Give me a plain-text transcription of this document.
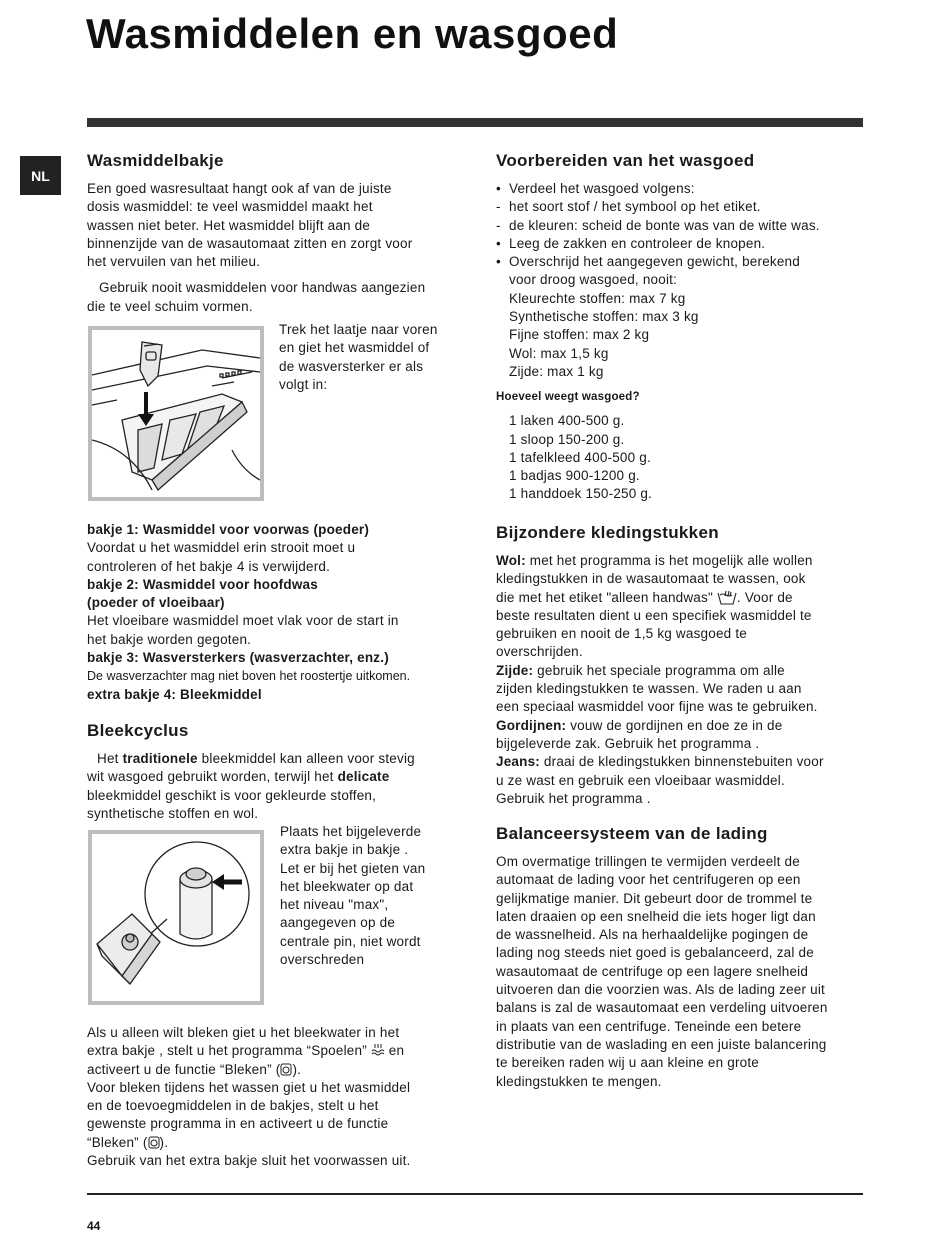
Wasmiddelen en wasgoed
NL
Wasmiddelbakje

Een goed wasresultaat hangt ook af van de juiste

dosis wasmiddel: te veel wasmiddel maakt het

wassen niet beter. Het wasmiddel blijft aan de

binnenzijde van de wasautomaat zitten en zorgt voor

het vervuilen van het milieu.

Gebruik nooit wasmiddelen voor handwas aangezien

die te veel schuim vormen.

Trek het laatje naar voren

en giet het wasmiddel of

de wasversterker er als

volgt in:

bakje 1: Wasmiddel voor voorwas (poeder)

Voordat u het wasmiddel erin strooit moet u

controleren of het bakje 4 is verwijderd.

bakje 2: Wasmiddel voor hoofdwas

(poeder of vloeibaar)

Het vloeibare wasmiddel moet vlak voor de start in

het bakje worden gegoten.

bakje 3: Wasversterkers (wasverzachter, enz.)

De wasverzachter mag niet boven het roostertje uitkomen.

extra bakje 4: Bleekmiddel

Bleekcyclus

Het traditionele bleekmiddel kan alleen voor stevig

wit wasgoed gebruikt worden, terwijl het delicate

bleekmiddel geschikt is voor gekleurde stoffen,

synthetische stoffen en wol.

Plaats het bijgeleverde

extra bakje in bakje .

Let er bij het gieten van

het bleekwater op dat

het niveau "max",

aangegeven op de

centrale pin, niet wordt

overschreden

Als u alleen wilt bleken giet u het bleekwater in het

extra bakje , stelt u het programma “Spoelen”  en

activeert u de functie “Bleken” ( ).

Voor bleken tijdens het wassen giet u het wasmiddel

en de toevoegmiddelen in de bakjes, stelt u het

gewenste programma in en activeert u de functie

“Bleken” ( ).

Gebruik van het extra bakje sluit het voorwassen uit.

Voorbereiden van het wasgoed
• Verdeel het wasgoed volgens:
- het soort stof / het symbool op het etiket.
- de kleuren: scheid de bonte was van de witte was.
• Leeg de zakken en controleer de knopen.
• Overschrijd het aangegeven gewicht, berekend

voor droog wasgoed, nooit:

Kleurechte stoffen: max 7 kg

Synthetische stoffen: max 3 kg

Fijne stoffen: max 2 kg

Wol: max 1,5 kg

Zijde: max 1 kg

Hoeveel weegt wasgoed?

1 laken 400-500 g.

1 sloop 150-200 g.

1 tafelkleed 400-500 g.

1 badjas 900-1200 g.

1 handdoek 150-250 g.

Bijzondere kledingstukken

Wol: met het programma is het mogelijk alle wollen

kledingstukken in de wasautomaat te wassen, ook

die met het etiket "alleen handwas" . Voor de

beste resultaten dient u een specifiek wasmiddel te

gebruiken en nooit de 1,5 kg wasgoed te

overschrijden.

Zijde: gebruik het speciale programma om alle

zijden kledingstukken te wassen. We raden u aan

een speciaal wasmiddel voor fijne was te gebruiken.

Gordijnen: vouw de gordijnen en doe ze in de

bijgeleverde zak. Gebruik het programma .

Jeans: draai de kledingstukken binnenstebuiten voor

u ze wast en gebruik een vloeibaar wasmiddel.

Gebruik het programma .

Balanceersysteem van de lading

Om overmatige trillingen te vermijden verdeelt de

automaat de lading voor het centrifugeren op een

gelijkmatige manier. Dit gebeurt door de trommel te

laten draaien op een snelheid die iets hoger ligt dan

de wassnelheid. Als na herhaaldelijke pogingen de

lading nog steeds niet goed is gebalanceerd, zal de

wasautomaat de centrifuge op een lagere snelheid

uitvoeren dan die voorzien was. Als de lading zeer uit

balans is zal de wasautomaat een verdeling uitvoeren

in plaats van een centrifuge. Teneinde een betere

distributie van de waslading en een juiste balancering

te bereiken raden wij u aan kleine en grote

kledingstukken te mengen.

44
